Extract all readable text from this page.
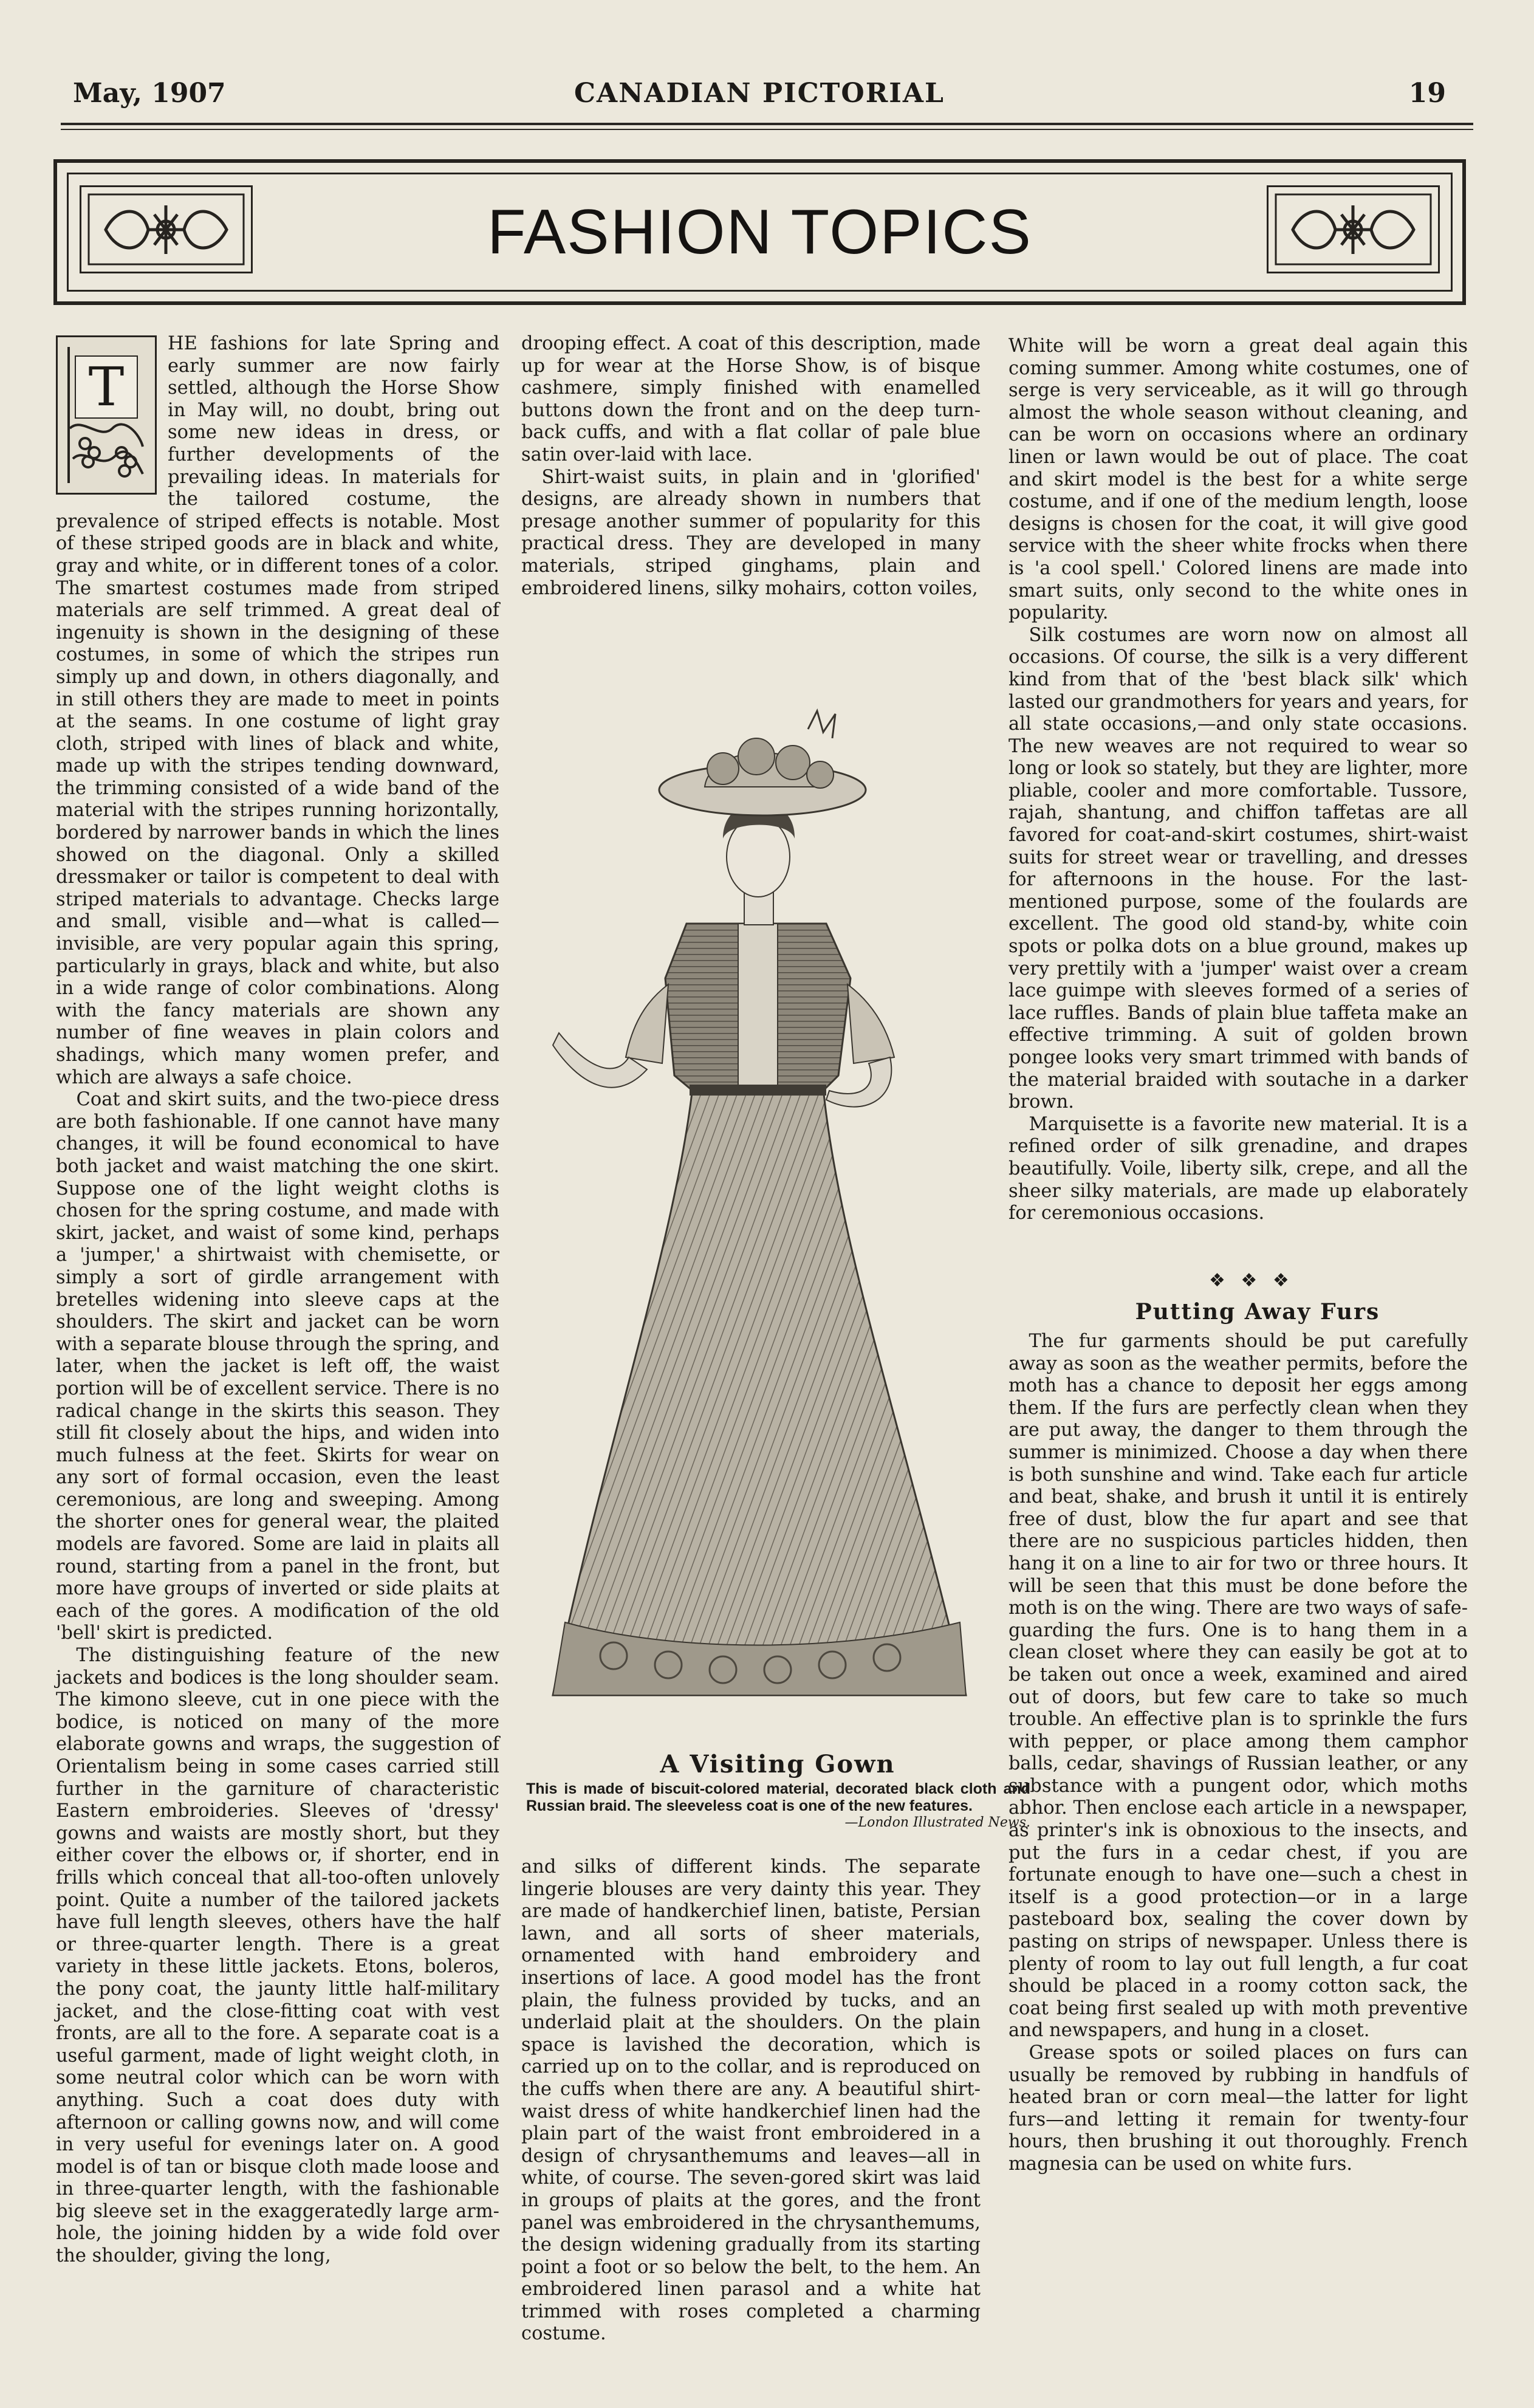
May, 1907	CANADIAN PICTORIAL	19
FASHION TOPICS
T

HE fashions for late Spring and early summer are now fairly settled, although the Horse Show in May will, no doubt, bring out some new ideas in dress, or further developments of the prevailing ideas. In materials for the tailored costume, the prevalence of striped effects is notable. Most of these striped goods are in black and white, gray and white, or in different tones of a color. The smartest costumes made from striped materials are self trimmed. A great deal of ingenuity is shown in the designing of these costumes, in some of which the stripes run simply up and down, in others diagonally, and in still others they are made to meet in points at the seams. In one costume of light gray cloth, striped with lines of black and white, made up with the stripes tending downward, the trimming consisted of a wide band of the material with the stripes running horizontally, bordered by narrower bands in which the lines showed on the diagonal. Only a skilled dressmaker or tailor is competent to deal with striped materials to advantage. Checks large and small, visible and—what is called—invisible, are very popular again this spring, particularly in grays, black and white, but also in a wide range of color combinations. Along with the fancy materials are shown any number of fine weaves in plain colors and shadings, which many women prefer, and which are always a safe choice.

Coat and skirt suits, and the two-piece dress are both fashionable. If one cannot have many changes, it will be found economical to have both jacket and waist matching the one skirt. Suppose one of the light weight cloths is chosen for the spring costume, and made with skirt, jacket, and waist of some kind, perhaps a 'jumper,' a shirtwaist with chemisette, or simply a sort of girdle arrangement with bretelles widening into sleeve caps at the shoulders. The skirt and jacket can be worn with a separate blouse through the spring, and later, when the jacket is left off, the waist portion will be of excellent service. There is no radical change in the skirts this season. They still fit closely about the hips, and widen into much fulness at the feet. Skirts for wear on any sort of formal occasion, even the least ceremonious, are long and sweeping. Among the shorter ones for general wear, the plaited models are favored. Some are laid in plaits all round, starting from a panel in the front, but more have groups of inverted or side plaits at each of the gores. A modification of the old 'bell' skirt is predicted.

The distinguishing feature of the new jackets and bodices is the long shoulder seam. The kimono sleeve, cut in one piece with the bodice, is noticed on many of the more elaborate gowns and wraps, the suggestion of Orientalism being in some cases carried still further in the garniture of characteristic Eastern embroideries. Sleeves of 'dressy' gowns and waists are mostly short, but they either cover the elbows or, if shorter, end in frills which conceal that all-too-often unlovely point. Quite a number of the tailored jackets have full length sleeves, others have the half or three-quarter length. There is a great variety in these little jackets. Etons, boleros, the pony coat, the jaunty little half-military jacket, and the close-fitting coat with vest fronts, are all to the fore. A separate coat is a useful garment, made of light weight cloth, in some neutral color which can be worn with anything. Such a coat does duty with afternoon or calling gowns now, and will come in very useful for evenings later on. A good model is of tan or bisque cloth made loose and in three-quarter length, with the fashionable big sleeve set in the exaggeratedly large arm-hole, the joining hidden by a wide fold over the shoulder, giving the long,

drooping effect. A coat of this description, made up for wear at the Horse Show, is of bisque cashmere, simply finished with enamelled buttons down the front and on the deep turn-back cuffs, and with a flat collar of pale blue satin over-laid with lace.

Shirt-waist suits, in plain and in 'glorified' designs, are already shown in numbers that presage another summer of popularity for this practical dress. They are developed in many materials, striped ginghams, plain and embroidered linens, silky mohairs, cotton voiles,

A Visiting Gown
This is made of biscuit-colored material, decorated black cloth and Russian braid. The sleeveless coat is one of the new features.
—London Illustrated News.

and silks of different kinds. The separate lingerie blouses are very dainty this year. They are made of handkerchief linen, batiste, Persian lawn, and all sorts of sheer materials, ornamented with hand embroidery and insertions of lace. A good model has the front plain, the fulness provided by tucks, and an underlaid plait at the shoulders. On the plain space is lavished the decoration, which is carried up on to the collar, and is reproduced on the cuffs when there are any. A beautiful shirt-waist dress of white handkerchief linen had the plain part of the waist front embroidered in a design of chrysanthemums and leaves—all in white, of course. The seven-gored skirt was laid in groups of plaits at the gores, and the front panel was embroidered in the chrysanthemums, the design widening gradually from its starting point a foot or so below the belt, to the hem. An embroidered linen parasol and a white hat trimmed with roses completed a charming costume.

White will be worn a great deal again this coming summer. Among white costumes, one of serge is very serviceable, as it will go through almost the whole season without cleaning, and can be worn on occasions where an ordinary linen or lawn would be out of place. The coat and skirt model is the best for a white serge costume, and if one of the medium length, loose designs is chosen for the coat, it will give good service with the sheer white frocks when there is 'a cool spell.' Colored linens are made into smart suits, only second to the white ones in popularity.

Silk costumes are worn now on almost all occasions. Of course, the silk is a very different kind from that of the 'best black silk' which lasted our grandmothers for years and years, for all state occasions,—and only state occasions. The new weaves are not required to wear so long or look so stately, but they are lighter, more pliable, cooler and more comfortable. Tussore, rajah, shantung, and chiffon taffetas are all favored for coat-and-skirt costumes, shirt-waist suits for street wear or travelling, and dresses for afternoons in the house. For the last-mentioned purpose, some of the foulards are excellent. The good old stand-by, white coin spots or polka dots on a blue ground, makes up very prettily with a 'jumper' waist over a cream lace guimpe with sleeves formed of a series of lace ruffles. Bands of plain blue taffeta make an effective trimming. A suit of golden brown pongee looks very smart trimmed with bands of the material braided with soutache in a darker brown.

Marquisette is a favorite new material. It is a refined order of silk grenadine, and drapes beautifully. Voile, liberty silk, crepe, and all the sheer silky materials, are made up elaborately for ceremonious occasions.

❖ ❖ ❖
Putting Away Furs

The fur garments should be put carefully away as soon as the weather permits, before the moth has a chance to deposit her eggs among them. If the furs are perfectly clean when they are put away, the danger to them through the summer is minimized. Choose a day when there is both sunshine and wind. Take each fur article and beat, shake, and brush it until it is entirely free of dust, blow the fur apart and see that there are no suspicious particles hidden, then hang it on a line to air for two or three hours. It will be seen that this must be done before the moth is on the wing. There are two ways of safe-guarding the furs. One is to hang them in a clean closet where they can easily be got at to be taken out once a week, examined and aired out of doors, but few care to take so much trouble. An effective plan is to sprinkle the furs with pepper, or place among them camphor balls, cedar, shavings of Russian leather, or any substance with a pungent odor, which moths abhor. Then enclose each article in a newspaper, as printer's ink is obnoxious to the insects, and put the furs in a cedar chest, if you are fortunate enough to have one—such a chest in itself is a good protection—or in a large pasteboard box, sealing the cover down by pasting on strips of newspaper. Unless there is plenty of room to lay out full length, a fur coat should be placed in a roomy cotton sack, the coat being first sealed up with moth preventive and newspapers, and hung in a closet.

Grease spots or soiled places on furs can usually be removed by rubbing in handfuls of heated bran or corn meal—the latter for light furs—and letting it remain for twenty-four hours, then brushing it out thoroughly. French magnesia can be used on white furs.
